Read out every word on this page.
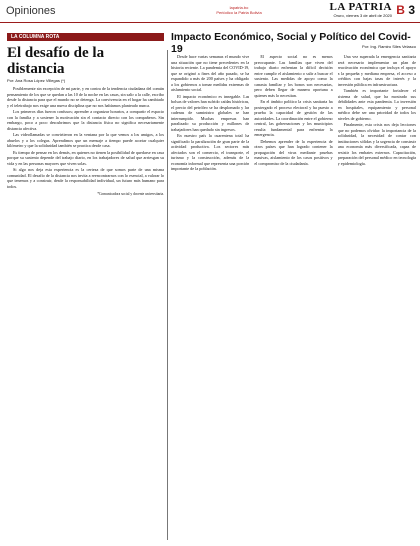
Opiniones	lapatria.bo
Periódico la Patria Bolivia	LA PATRIA
Oruro, viernes 3 de abril de 2020 B 3
LA COLUMNA ROTA
El desafío de la distancia
Por: Ana Rosa López Villegas (*)

Posiblemente sin excepción de mi parte, y en contra de la tendencia ciudadana del común pensamiento de los que se quedan a las 10 de la noche en las casas, sin salir a la calle, escribo desde la distancia para que el mundo no se detenga. La convivencia en el hogar ha cambiado y el teletrabajo nos exige una nueva disciplina que no nos habíamos planteado nunca.

Los primeros días fueron confusos; aprender a organizar horarios, a compartir el espacio con la familia y a sostener la motivación sin el contacto directo con los compañeros. Sin embargo, poco a poco descubrimos que la distancia física no significa necesariamente distancia afectiva.

Las videollamadas se convirtieron en la ventana por la que vemos a los amigos, a los abuelos y a los colegas. Aprendimos que un mensaje a tiempo puede acortar cualquier kilómetro y que la solidaridad también se practica desde casa.

Es tiempo de pensar en los demás, en quienes no tienen la posibilidad de quedarse en casa porque su sustento depende del trabajo diario, en los trabajadores de salud que arriesgan su vida y en las personas mayores que viven solas.

Si algo nos deja esta experiencia es la certeza de que somos parte de una misma comunidad. El desafío de la distancia nos invita a reencontrarnos con lo esencial, a valorar lo que tenemos y a construir, desde la responsabilidad individual, un futuro más humano para todos.

*Comunicadora social y docente universitaria.
Impacto Económico, Social y Político del Covid-19	Por: Ing. Ramiro Siles Velasco

Desde hace varias semanas el mundo vive una situación que no tiene precedentes en la historia reciente. La pandemia del COVID-19, que se originó a fines del año pasado, se ha expandido a más de 200 países y ha obligado a los gobiernos a tomar medidas extremas de aislamiento social.

El impacto económico es innegable. Las bolsas de valores han sufrido caídas históricas, el precio del petróleo se ha desplomado y las cadenas de suministro globales se han interrumpido. Muchas empresas han paralizado su producción y millones de trabajadores han quedado sin ingresos.

En nuestro país la cuarentena total ha significado la paralización de gran parte de la actividad productiva. Los sectores más afectados son el comercio, el transporte, el turismo y la construcción, además de la economía informal que representa una porción importante de la población.

El aspecto social no es menos preocupante. Las familias que viven del trabajo diario enfrentan la difícil decisión entre cumplir el aislamiento o salir a buscar el sustento. Las medidas de apoyo como la canasta familiar y los bonos son necesarias, pero deben llegar de manera oportuna a quienes más lo necesitan.

En el ámbito político la crisis sanitaria ha postergado el proceso electoral y ha puesto a prueba la capacidad de gestión de las autoridades. La coordinación entre el gobierno central, las gobernaciones y los municipios resulta fundamental para enfrentar la emergencia.

Debemos aprender de la experiencia de otros países que han logrado contener la propagación del virus mediante pruebas masivas, aislamiento de los casos positivos y el compromiso de la ciudadanía.

Una vez superada la emergencia sanitaria será necesario implementar un plan de reactivación económica que incluya el apoyo a la pequeña y mediana empresa, el acceso a créditos con bajas tasas de interés y la inversión pública en infraestructura.

También es importante fortalecer el sistema de salud, que ha mostrado sus debilidades ante esta pandemia. La inversión en hospitales, equipamiento y personal médico debe ser una prioridad de todos los niveles de gobierno.

Finalmente, esta crisis nos deja lecciones que no podemos olvidar: la importancia de la solidaridad, la necesidad de contar con instituciones sólidas y la urgencia de construir una economía más diversificada, capaz de resistir los embates externos. Capacitación, preparación del personal médico en tecnología y epidemiología.
